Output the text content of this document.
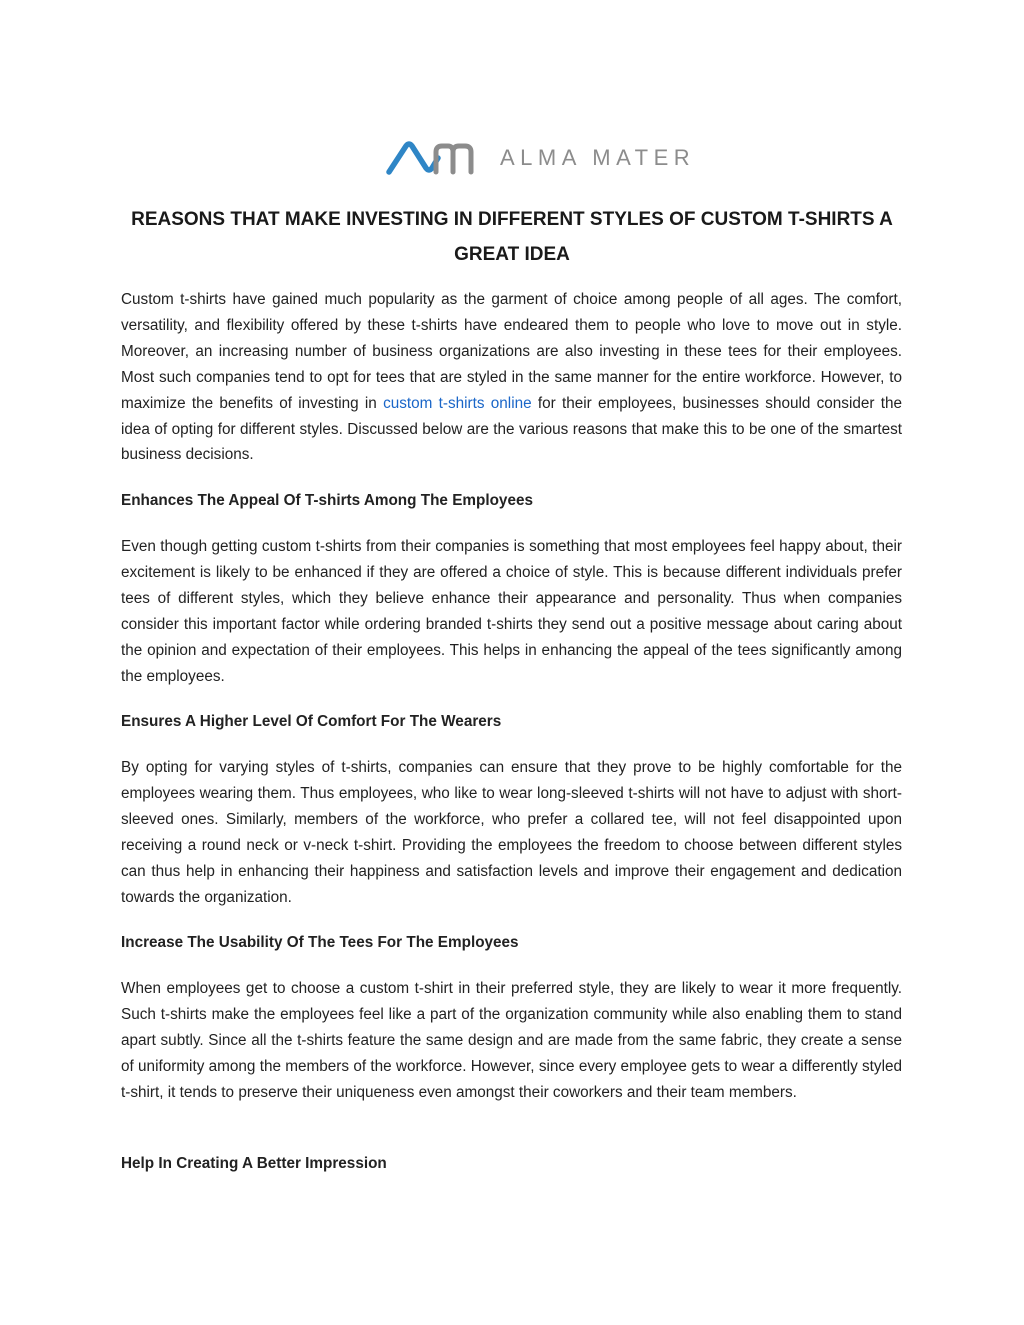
ALMA MATER
REASONS THAT MAKE INVESTING IN DIFFERENT STYLES OF CUSTOM T-SHIRTS A GREAT IDEA

Custom t-shirts have gained much popularity as the garment of choice among people of all ages. The comfort, versatility, and flexibility offered by these t-shirts have endeared them to people who love to move out in style. Moreover, an increasing number of business organizations are also investing in these tees for their employees. Most such companies tend to opt for tees that are styled in the same manner for the entire workforce. However, to maximize the benefits of investing in custom t-shirts online for their employees, businesses should consider the idea of opting for different styles. Discussed below are the various reasons that make this to be one of the smartest business decisions.

Enhances The Appeal Of T-shirts Among The Employees

Even though getting custom t-shirts from their companies is something that most employees feel happy about, their excitement is likely to be enhanced if they are offered a choice of style. This is because different individuals prefer tees of different styles, which they believe enhance their appearance and personality. Thus when companies consider this important factor while ordering branded t-shirts they send out a positive message about caring about the opinion and expectation of their employees. This helps in enhancing the appeal of the tees significantly among the employees.

Ensures A Higher Level Of Comfort For The Wearers

By opting for varying styles of t-shirts, companies can ensure that they prove to be highly comfortable for the employees wearing them. Thus employees, who like to wear long-sleeved t-shirts will not have to adjust with short-sleeved ones. Similarly, members of the workforce, who prefer a collared tee, will not feel disappointed upon receiving a round neck or v-neck t-shirt. Providing the employees the freedom to choose between different styles can thus help in enhancing their happiness and satisfaction levels and improve their engagement and dedication towards the organization.

Increase The Usability Of The Tees For The Employees

When employees get to choose a custom t-shirt in their preferred style, they are likely to wear it more frequently. Such t-shirts make the employees feel like a part of the organization community while also enabling them to stand apart subtly. Since all the t-shirts feature the same design and are made from the same fabric, they create a sense of uniformity among the members of the workforce. However, since every employee gets to wear a differently styled t-shirt, it tends to preserve their uniqueness even amongst their coworkers and their team members.

Help In Creating A Better Impression
